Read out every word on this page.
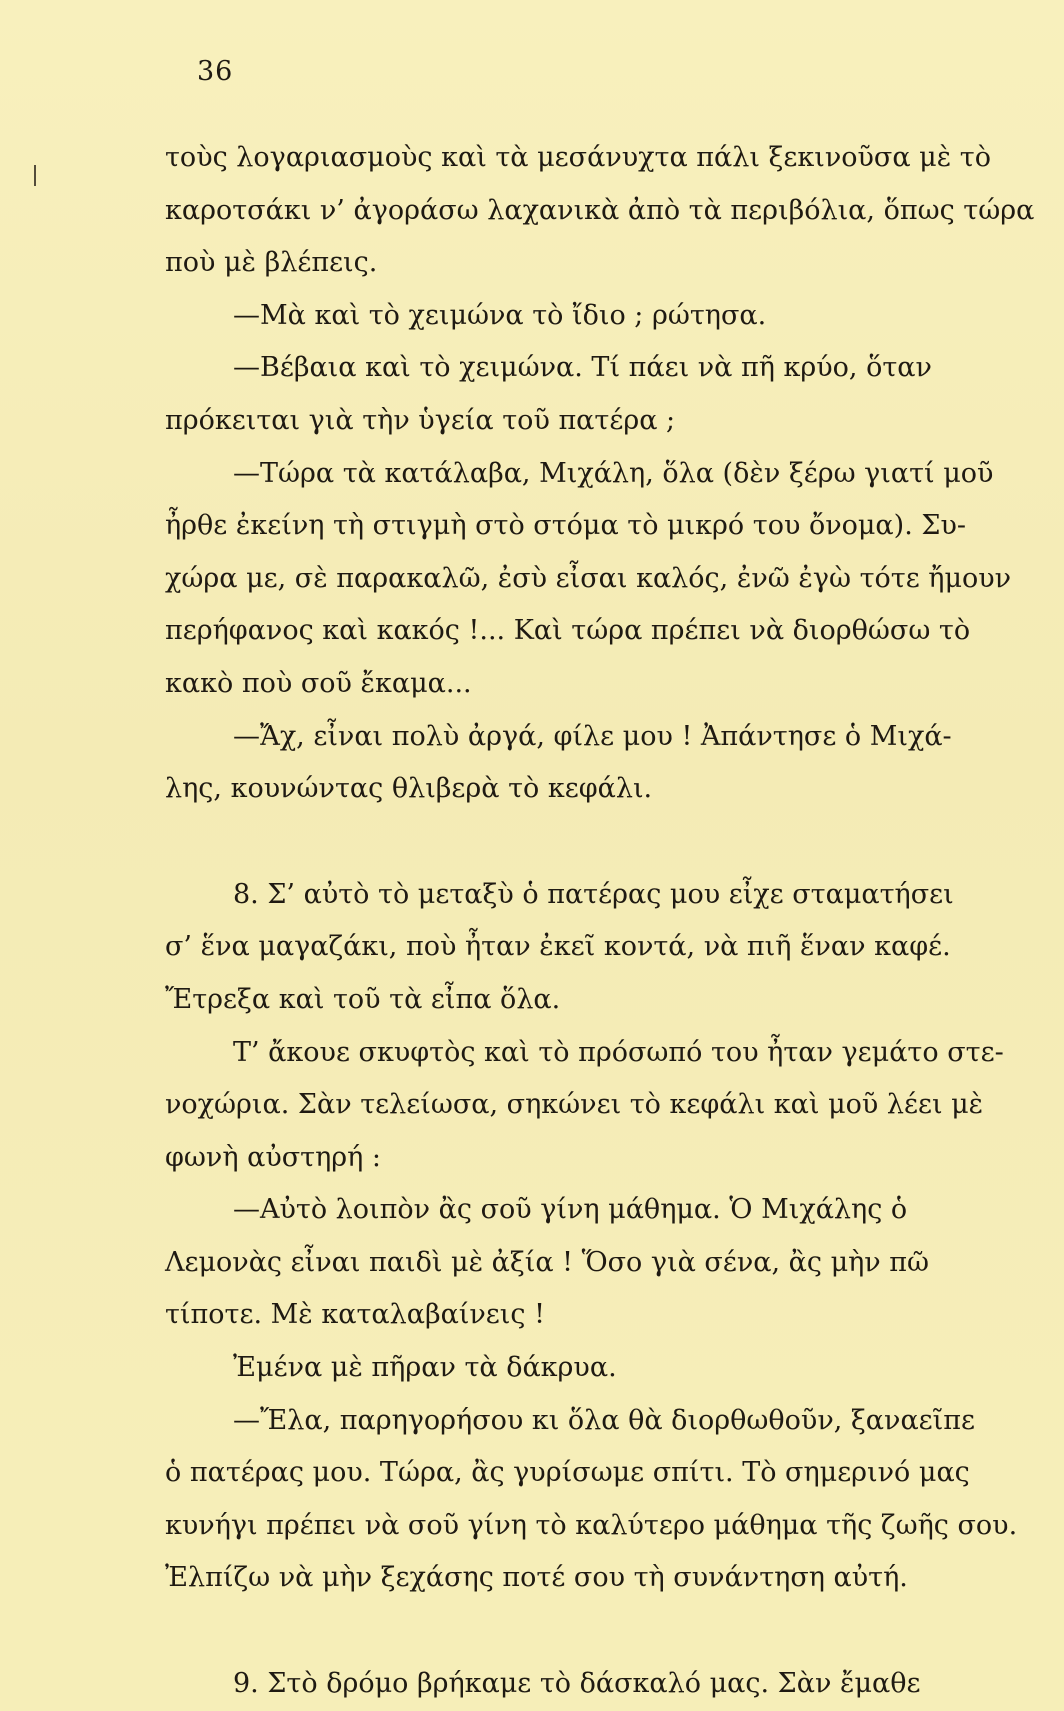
36
τοὺς λογαριασμοὺς καὶ τὰ μεσάνυχτα πάλι ξεκινοῦσα μὲ τὸ
καροτσάκι ν’ ἀγοράσω λαχανικὰ ἀπὸ τὰ περιβόλια, ὅπως τώρα
ποὺ μὲ βλέπεις.
—Μὰ καὶ τὸ χειμώνα τὸ ἴδιο ; ρώτησα.
—Βέβαια καὶ τὸ χειμώνα. Τί πάει νὰ πῆ κρύο, ὅταν
πρόκειται γιὰ τὴν ὑγεία τοῦ πατέρα ;
—Τώρα τὰ κατάλαβα, Μιχάλη, ὅλα (δὲν ξέρω γιατί μοῦ
ἦρθε ἐκείνη τὴ στιγμὴ στὸ στόμα τὸ μικρό του ὄνομα). Συ-
χώρα με, σὲ παρακαλῶ, ἐσὺ εἶσαι καλός, ἐνῶ ἐγὼ τότε ἤμουν
περήφανος καὶ κακός !... Καὶ τώρα πρέπει νὰ διορθώσω τὸ
κακὸ ποὺ σοῦ ἔκαμα...
—Ἄχ, εἶναι πολὺ ἀργά, φίλε μου ! Ἀπάντησε ὁ Μιχά-
λης, κουνώντας θλιβερὰ τὸ κεφάλι.
8. Σ’ αὐτὸ τὸ μεταξὺ ὁ πατέρας μου εἶχε σταματήσει
σ’ ἕνα μαγαζάκι, ποὺ ἦταν ἐκεῖ κοντά, νὰ πιῆ ἕναν καφέ.
Ἔτρεξα καὶ τοῦ τὰ εἶπα ὅλα.
Τ’ ἄκουε σκυφτὸς καὶ τὸ πρόσωπό του ἦταν γεμάτο στε-
νοχώρια. Σὰν τελείωσα, σηκώνει τὸ κεφάλι καὶ μοῦ λέει μὲ
φωνὴ αὐστηρή :
—Αὐτὸ λοιπὸν ἂς σοῦ γίνη μάθημα. Ὁ Μιχάλης ὁ
Λεμονὰς εἶναι παιδὶ μὲ ἀξία ! Ὅσο γιὰ σένα, ἂς μὴν πῶ
τίποτε. Μὲ καταλαβαίνεις !
Ἐμένα μὲ πῆραν τὰ δάκρυα.
—Ἔλα, παρηγορήσου κι ὅλα θὰ διορθωθοῦν, ξαναεῖπε
ὁ πατέρας μου. Τώρα, ἂς γυρίσωμε σπίτι. Τὸ σημερινό μας
κυνήγι πρέπει νὰ σοῦ γίνη τὸ καλύτερο μάθημα τῆς ζωῆς σου.
Ἐλπίζω νὰ μὴν ξεχάσης ποτέ σου τὴ συνάντηση αὐτή.
9. Στὸ δρόμο βρήκαμε τὸ δάσκαλό μας. Σὰν ἔμαθε
